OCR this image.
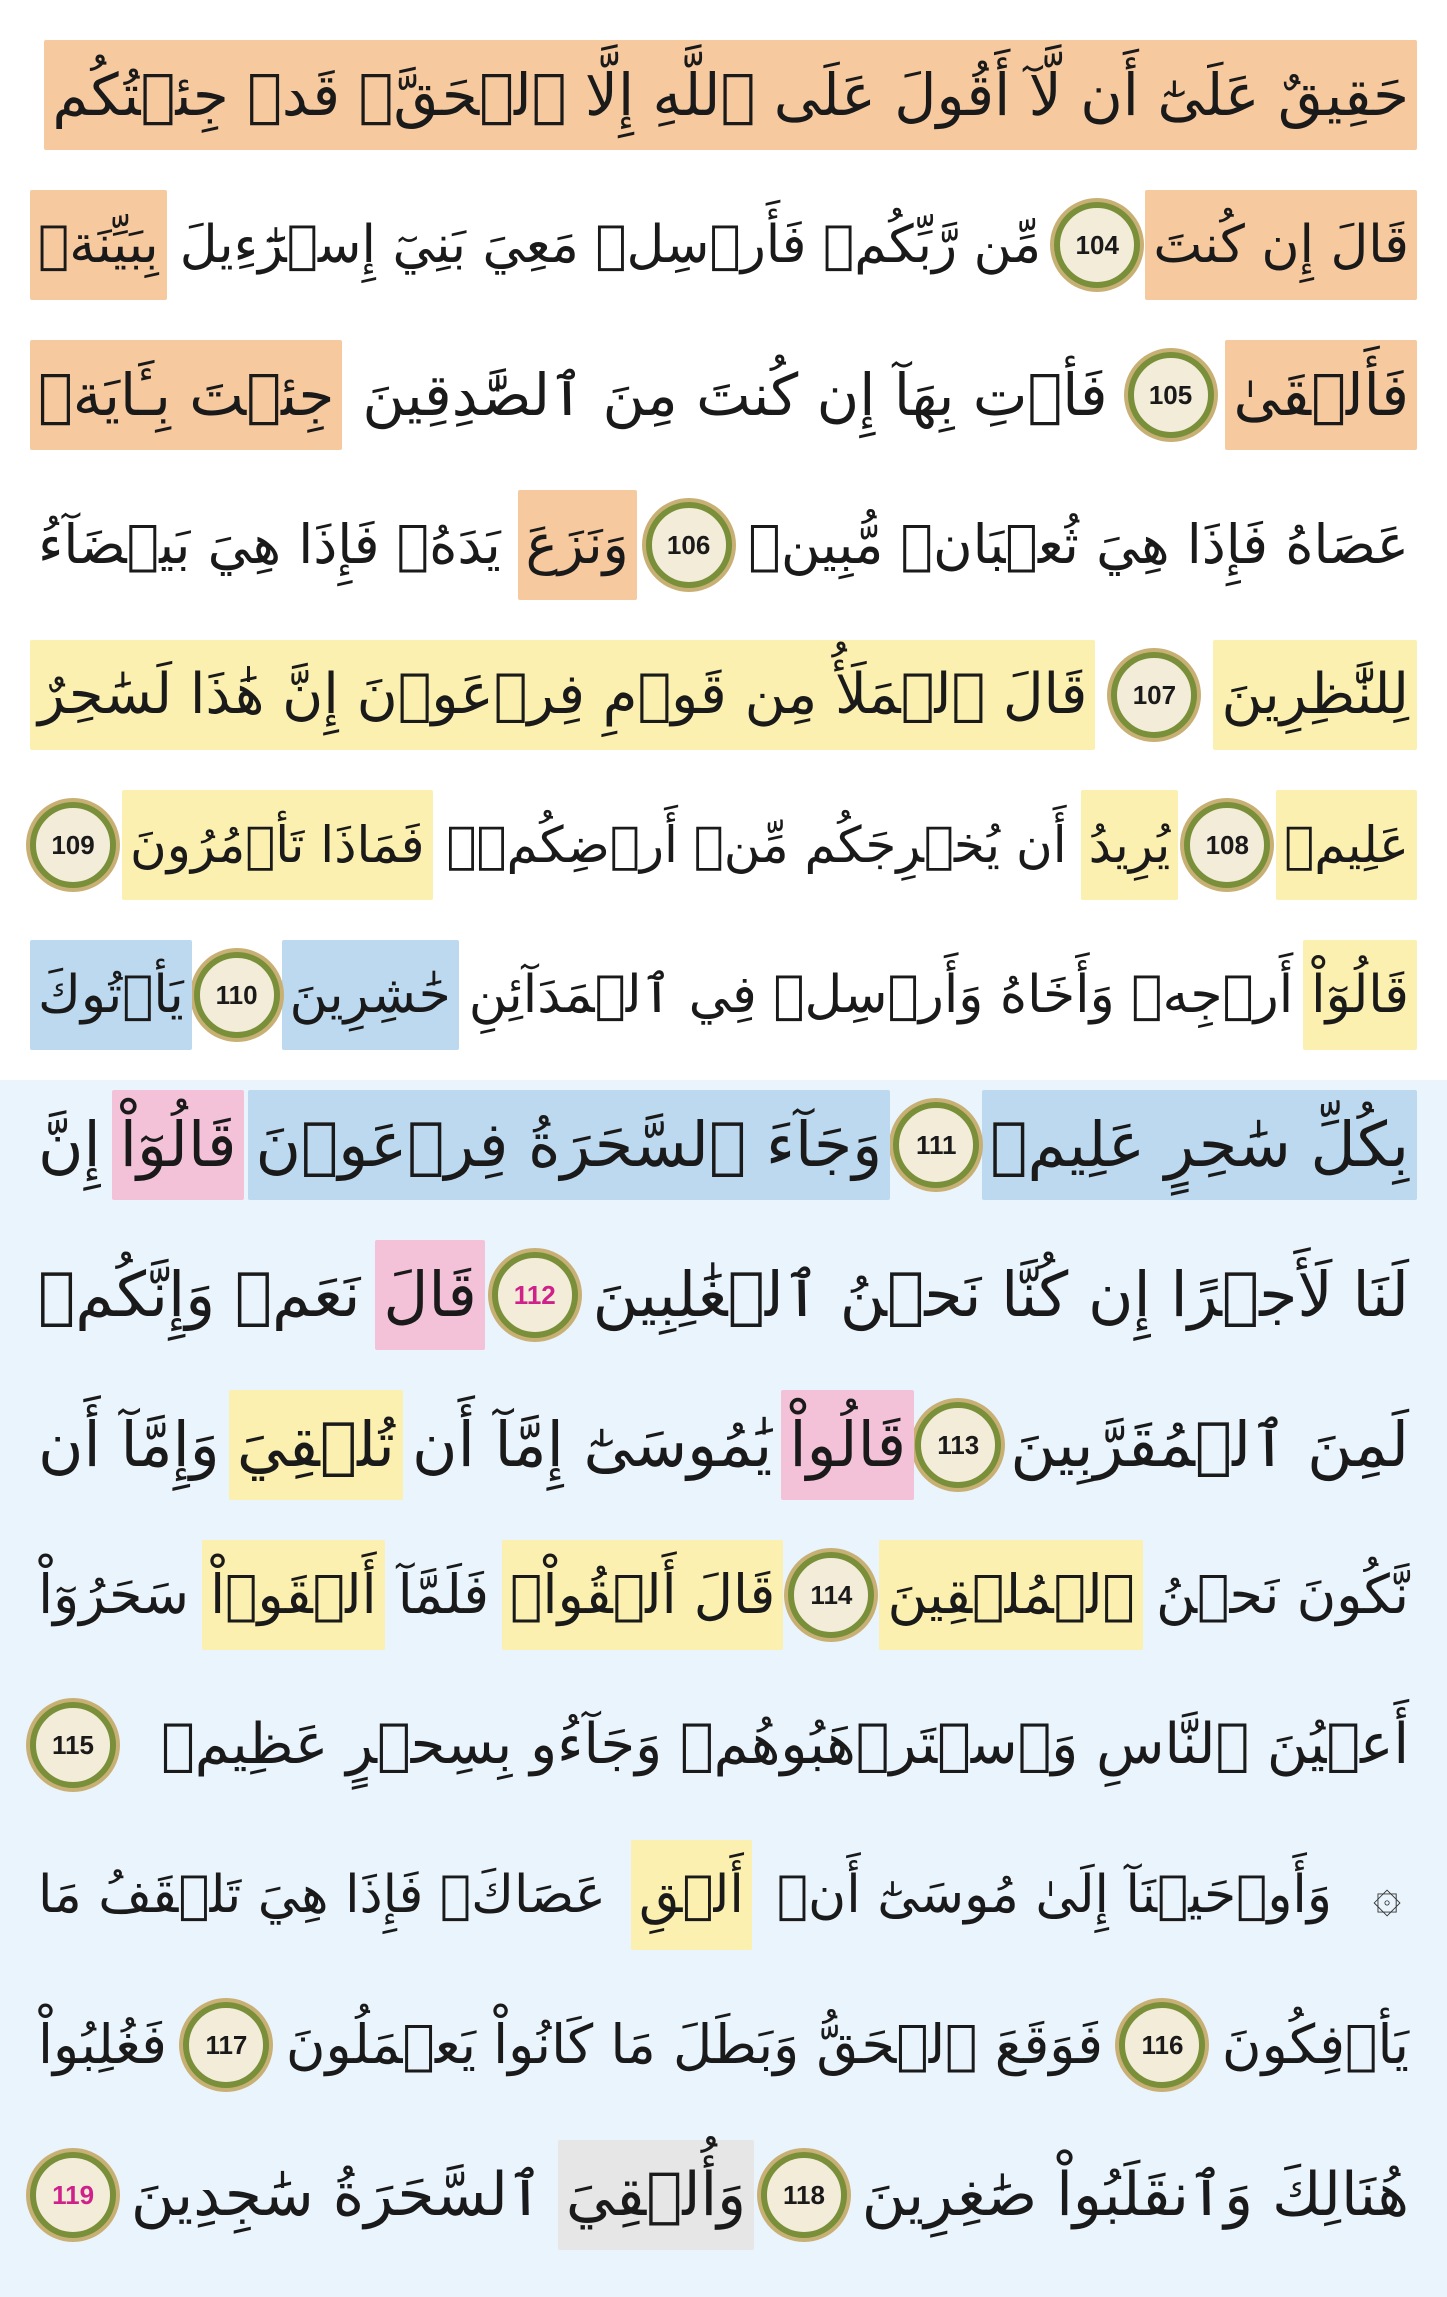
حَقِيقٌ عَلَىٰٓ أَن لَّآ أَقُولَ عَلَى ٱللَّهِ إِلَّا ٱلۡحَقَّۚ قَدۡ جِئۡتُكُم
قَالَ إِن كُنتَ
104
مِّن رَّبِّكُمۡ فَأَرۡسِلۡ مَعِيَ بَنِيٓ إِسۡرَٰٓءِيلَ
بِبَيِّنَةٖ
فَأَلۡقَىٰ
105
فَأۡتِ بِهَآ إِن كُنتَ مِنَ ٱلصَّٰدِقِينَ
جِئۡتَ بِـَٔايَةٖ
عَصَاهُ فَإِذَا هِيَ ثُعۡبَانٞ مُّبِينٞ
106
وَنَزَعَ
يَدَهُۥ فَإِذَا هِيَ بَيۡضَآءُ
لِلنَّٰظِرِينَ
107
قَالَ ٱلۡمَلَأُ مِن قَوۡمِ فِرۡعَوۡنَ إِنَّ هَٰذَا لَسَٰحِرٌ
عَلِيمٞ
108
يُرِيدُ
أَن يُخۡرِجَكُم مِّنۡ أَرۡضِكُمۡۖ
فَمَاذَا تَأۡمُرُونَ
109
قَالُوٓاْ
أَرۡجِهۡ وَأَخَاهُ وَأَرۡسِلۡ فِي ٱلۡمَدَآئِنِ
حَٰشِرِينَ
110
يَأۡتُوكَ
بِكُلِّ سَٰحِرٍ عَلِيمٖ
111
وَجَآءَ ٱلسَّحَرَةُ فِرۡعَوۡنَ
قَالُوٓاْ
إِنَّ
لَنَا لَأَجۡرًا إِن كُنَّا نَحۡنُ ٱلۡغَٰلِبِينَ
112
قَالَ
نَعَمۡ وَإِنَّكُمۡ
لَمِنَ ٱلۡمُقَرَّبِينَ
113
قَالُواْ
يَٰمُوسَىٰٓ إِمَّآ أَن
تُلۡقِيَ
وَإِمَّآ أَن
نَّكُونَ نَحۡنُ
ٱلۡمُلۡقِينَ
114
قَالَ أَلۡقُواْۖ
فَلَمَّآ
أَلۡقَوۡاْ
سَحَرُوٓاْ
أَعۡيُنَ ٱلنَّاسِ وَٱسۡتَرۡهَبُوهُمۡ وَجَآءُو بِسِحۡرٍ عَظِيمٖ
115
۞
وَأَوۡحَيۡنَآ إِلَىٰ مُوسَىٰٓ أَنۡ
أَلۡقِ
عَصَاكَۖ فَإِذَا هِيَ تَلۡقَفُ مَا
يَأۡفِكُونَ
116
فَوَقَعَ ٱلۡحَقُّ وَبَطَلَ مَا كَانُواْ يَعۡمَلُونَ
117
فَغُلِبُواْ
هُنَالِكَ وَٱنقَلَبُواْ صَٰغِرِينَ
118
وَأُلۡقِيَ
ٱلسَّحَرَةُ سَٰجِدِينَ
119
